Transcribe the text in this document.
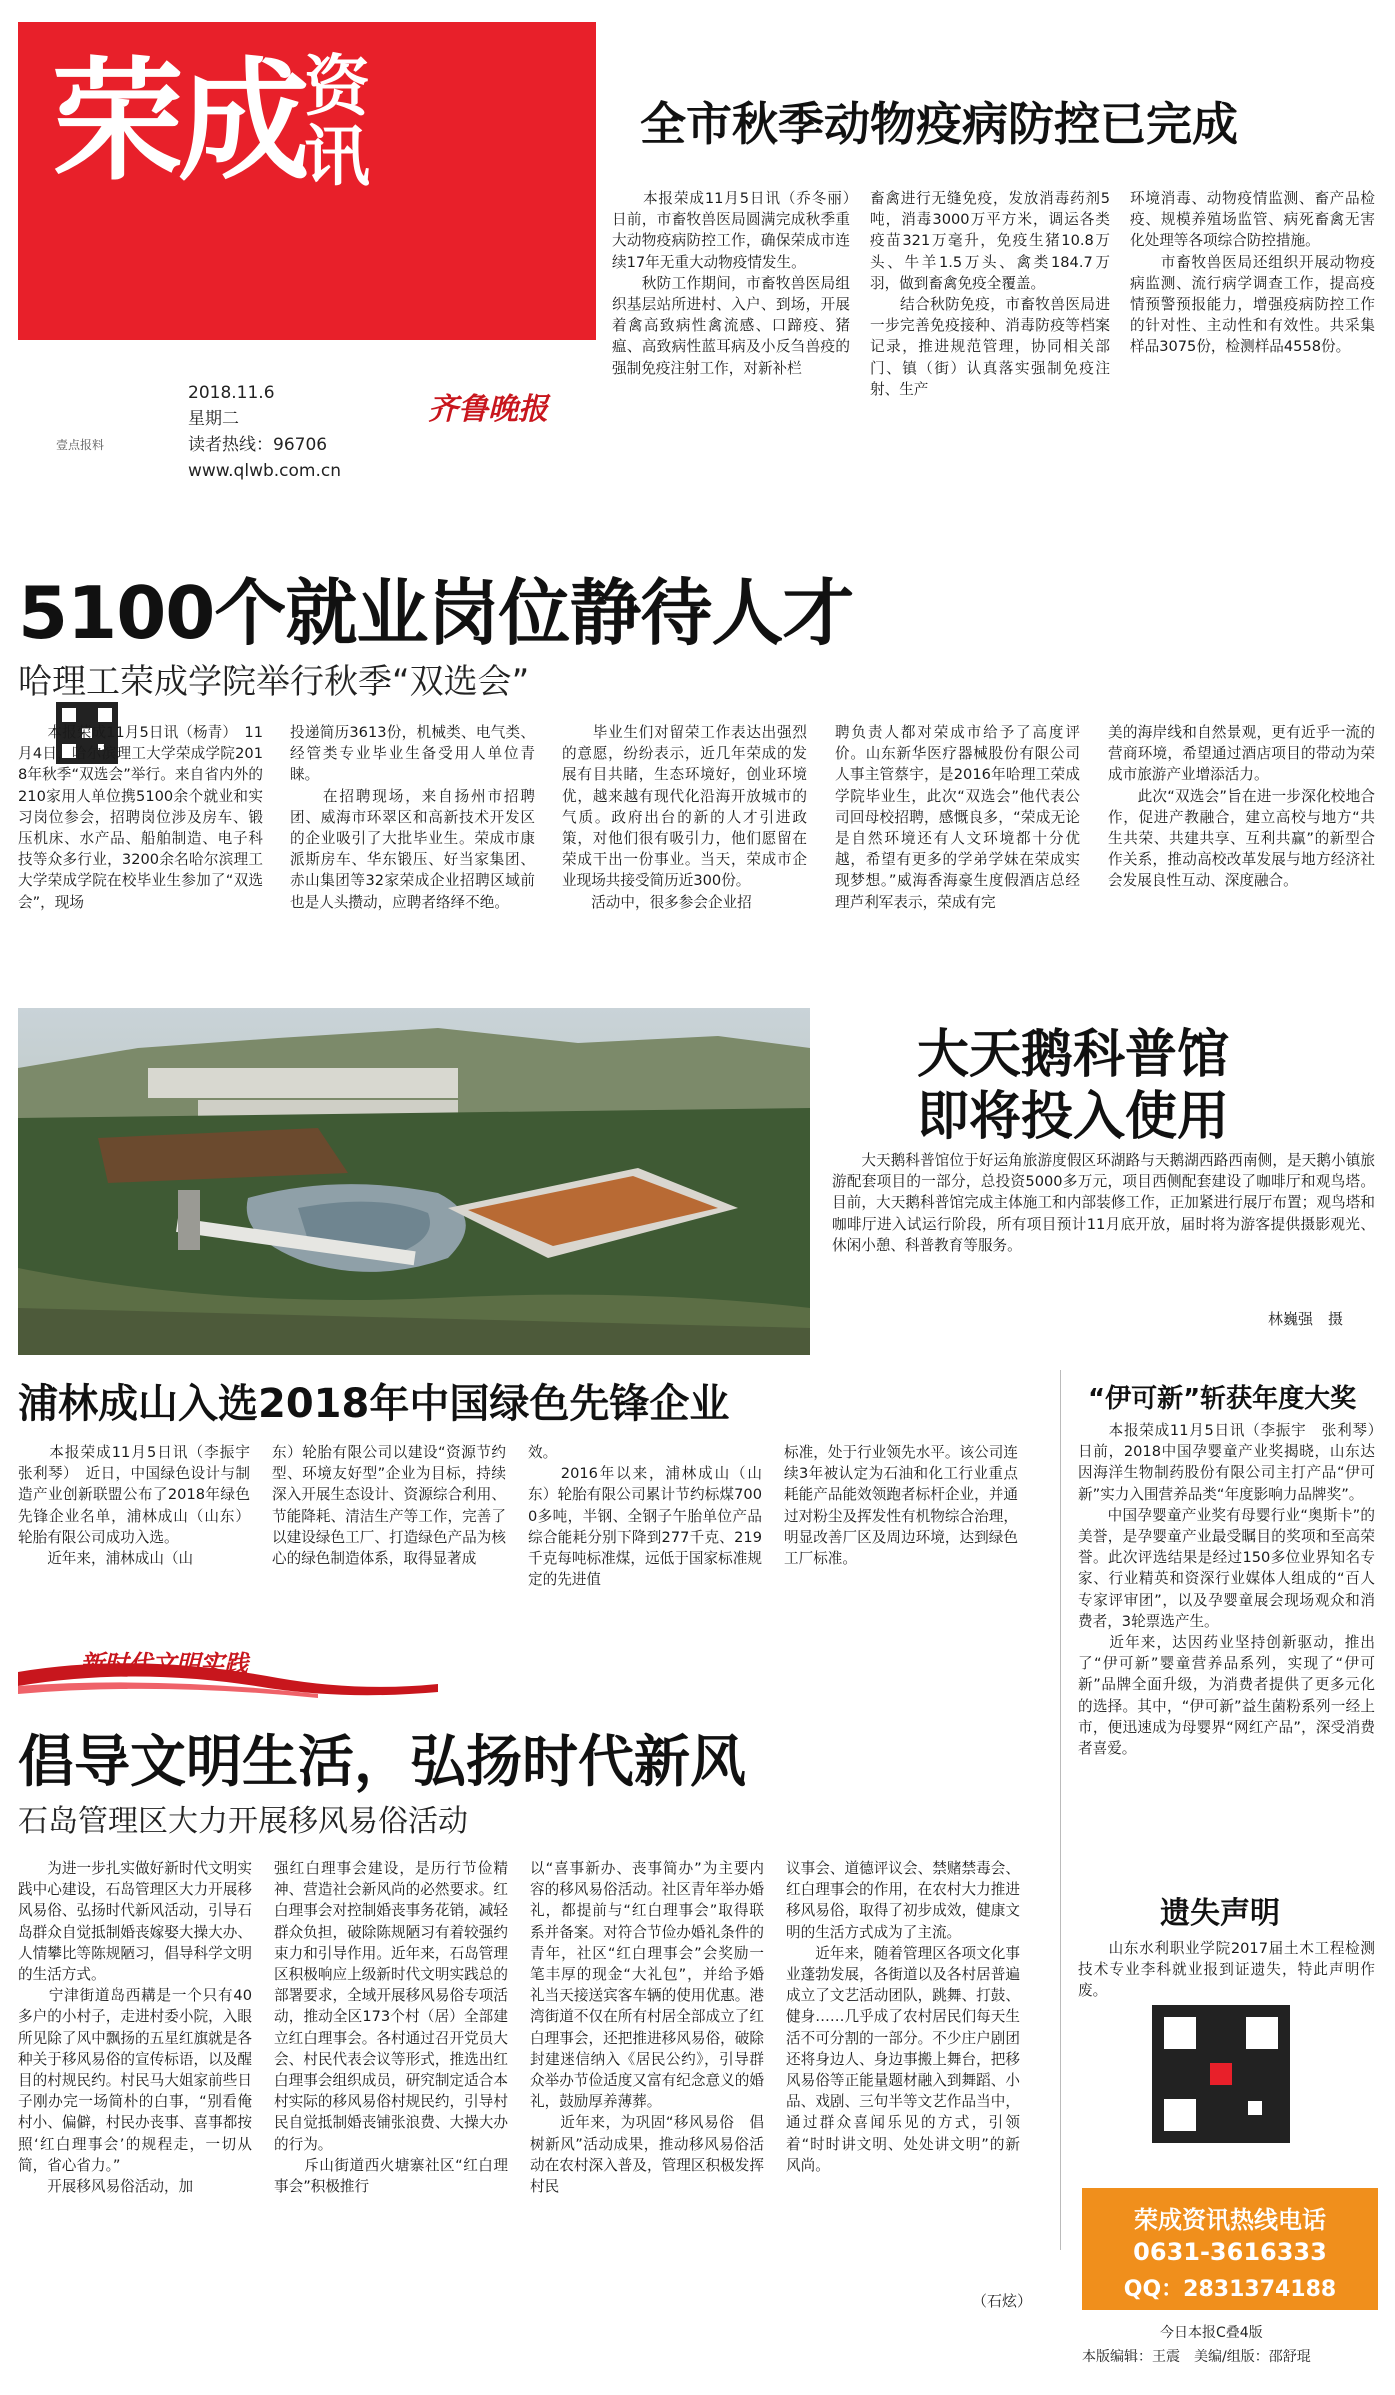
荣成资讯
壹点报料
2018.11.6
星期二
读者热线：96706
www.qlwb.com.cn
齐鲁晚报
全市秋季动物疫病防控已完成
　　本报荣成11月5日讯（乔冬丽）　日前，市畜牧兽医局圆满完成秋季重大动物疫病防控工作，确保荣成市连续17年无重大动物疫情发生。
　　秋防工作期间，市畜牧兽医局组织基层站所进村、入户、到场，开展着禽高致病性禽流感、口蹄疫、猪瘟、高致病性蓝耳病及小反刍兽疫的强制免疫注射工作，对新补栏
畜禽进行无缝免疫，发放消毒药剂5吨，消毒3000万平方米，调运各类疫苗321万毫升，免疫生猪10.8万头、牛羊1.5万头、禽类184.7万羽，做到畜禽免疫全覆盖。
　　结合秋防免疫，市畜牧兽医局进一步完善免疫接种、消毒防疫等档案记录，推进规范管理，协同相关部门、镇（街）认真落实强制免疫注射、生产
环境消毒、动物疫情监测、畜产品检疫、规模养殖场监管、病死畜禽无害化处理等各项综合防控措施。
　　市畜牧兽医局还组织开展动物疫病监测、流行病学调查工作，提高疫情预警预报能力，增强疫病防控工作的针对性、主动性和有效性。共采集样品3075份，检测样品4558份。
5100个就业岗位静待人才
哈理工荣成学院举行秋季“双选会”
　　本报荣成11月5日讯（杨青）　11月4日，哈尔滨理工大学荣成学院2018年秋季“双选会”举行。来自省内外的210家用人单位携5100余个就业和实习岗位参会，招聘岗位涉及房车、锻压机床、水产品、船舶制造、电子科技等众多行业，3200余名哈尔滨理工大学荣成学院在校毕业生参加了“双选会”，现场
投递简历3613份，机械类、电气类、经管类专业毕业生备受用人单位青睐。
　　在招聘现场，来自扬州市招聘团、威海市环翠区和高新技术开发区的企业吸引了大批毕业生。荣成市康派斯房车、华东锻压、好当家集团、赤山集团等32家荣成企业招聘区域前也是人头攒动，应聘者络绎不绝。
　　毕业生们对留荣工作表达出强烈的意愿，纷纷表示，近几年荣成的发展有目共睹，生态环境好，创业环境优，越来越有现代化沿海开放城市的气质。政府出台的新的人才引进政策，对他们很有吸引力，他们愿留在荣成干出一份事业。当天，荣成市企业现场共接受简历近300份。
　　活动中，很多参会企业招
聘负责人都对荣成市给予了高度评价。山东新华医疗器械股份有限公司人事主管蔡宇，是2016年哈理工荣成学院毕业生，此次“双选会”他代表公司回母校招聘，感慨良多，“荣成无论是自然环境还有人文环境都十分优越，希望有更多的学弟学妹在荣成实现梦想。”威海香海豪生度假酒店总经理芦利军表示，荣成有完
美的海岸线和自然景观，更有近乎一流的营商环境，希望通过酒店项目的带动为荣成市旅游产业增添活力。
　　此次“双选会”旨在进一步深化校地合作，促进产教融合，建立高校与地方“共生共荣、共建共享、互利共赢”的新型合作关系，推动高校改革发展与地方经济社会发展良性互动、深度融合。
大天鹅科普馆
即将投入使用
　　大天鹅科普馆位于好运角旅游度假区环湖路与天鹅湖西路西南侧，是天鹅小镇旅游配套项目的一部分，总投资5000多万元，项目西侧配套建设了咖啡厅和观鸟塔。目前，大天鹅科普馆完成主体施工和内部装修工作，正加紧进行展厅布置；观鸟塔和咖啡厅进入试运行阶段，所有项目预计11月底开放，届时将为游客提供摄影观光、休闲小憩、科普教育等服务。
林巍强　摄
浦林成山入选2018年中国绿色先锋企业
　　本报荣成11月5日讯（李振宇　张利琴）　近日，中国绿色设计与制造产业创新联盟公布了2018年绿色先锋企业名单，浦林成山（山东）轮胎有限公司成功入选。
　　近年来，浦林成山（山
东）轮胎有限公司以建设“资源节约型、环境友好型”企业为目标，持续深入开展生态设计、资源综合利用、节能降耗、清洁生产等工作，完善了以建设绿色工厂、打造绿色产品为核心的绿色制造体系，取得显著成
效。
　　2016年以来，浦林成山（山东）轮胎有限公司累计节约标煤7000多吨，半钢、全钢子午胎单位产品综合能耗分别下降到277千克、219千克每吨标准煤，远低于国家标准规定的先进值
标准，处于行业领先水平。该公司连续3年被认定为石油和化工行业重点耗能产品能效领跑者标杆企业，并通过对粉尘及挥发性有机物综合治理，明显改善厂区及周边环境，达到绿色工厂标准。
“伊可新”斩获年度大奖
　　本报荣成11月5日讯（李振宇　张利琴）　日前，2018中国孕婴童产业奖揭晓，山东达因海洋生物制药股份有限公司主打产品“伊可新”实力入围营养品类“年度影响力品牌奖”。
　　中国孕婴童产业奖有母婴行业“奥斯卡”的美誉，是孕婴童产业最受瞩目的奖项和至高荣誉。此次评选结果是经过150多位业界知名专家、行业精英和资深行业媒体人组成的“百人专家评审团”，以及孕婴童展会现场观众和消费者，3轮票选产生。
　　近年来，达因药业坚持创新驱动，推出了“伊可新”婴童营养品系列，实现了“伊可新”品牌全面升级，为消费者提供了更多元化的选择。其中，“伊可新”益生菌粉系列一经上市，便迅速成为母婴界“网红产品”，深受消费者喜爱。
遗失声明
　　山东水利职业学院2017届土木工程检测技术专业李科就业报到证遗失，特此声明作废。
新时代文明实践
倡导文明生活，弘扬时代新风
石岛管理区大力开展移风易俗活动
　　为进一步扎实做好新时代文明实践中心建设，石岛管理区大力开展移风易俗、弘扬时代新风活动，引导石岛群众自觉抵制婚丧嫁娶大操大办、人情攀比等陈规陋习，倡导科学文明的生活方式。
　　宁津街道岛西耩是一个只有40多户的小村子，走进村委小院，入眼所见除了风中飘扬的五星红旗就是各种关于移风易俗的宣传标语，以及醒目的村规民约。村民马大姐家前些日子刚办完一场简朴的白事，“别看俺村小、偏僻，村民办丧事、喜事都按照‘红白理事会’的规程走，一切从简，省心省力。”
　　开展移风易俗活动，加
强红白理事会建设，是历行节俭精神、营造社会新风尚的必然要求。红白理事会对控制婚丧事务花销，减轻群众负担，破除陈规陋习有着较强约束力和引导作用。近年来，石岛管理区积极响应上级新时代文明实践总的部署要求，全域开展移风易俗专项活动，推动全区173个村（居）全部建立红白理事会。各村通过召开党员大会、村民代表会议等形式，推选出红白理事会组织成员，研究制定适合本村实际的移风易俗村规民约，引导村民自觉抵制婚丧铺张浪费、大操大办的行为。
　　斥山街道西火塘寨社区“红白理事会”积极推行
以“喜事新办、丧事简办”为主要内容的移风易俗活动。社区青年举办婚礼，都提前与“红白理事会”取得联系并备案。对符合节俭办婚礼条件的青年，社区“红白理事会”会奖励一笔丰厚的现金“大礼包”，并给予婚礼当天接送宾客车辆的使用优惠。港湾街道不仅在所有村居全部成立了红白理事会，还把推进移风易俗，破除封建迷信纳入《居民公约》，引导群众举办节俭适度又富有纪念意义的婚礼，鼓励厚养薄葬。
　　近年来，为巩固“移风易俗　倡树新风”活动成果，推动移风易俗活动在农村深入普及，管理区积极发挥村民
议事会、道德评议会、禁赌禁毒会、红白理事会的作用，在农村大力推进移风易俗，取得了初步成效，健康文明的生活方式成为了主流。
　　近年来，随着管理区各项文化事业蓬勃发展，各街道以及各村居普遍成立了文艺活动团队，跳舞、打鼓、健身……几乎成了农村居民们每天生活不可分割的一部分。不少庄户剧团还将身边人、身边事搬上舞台，把移风易俗等正能量题材融入到舞蹈、小品、戏剧、三句半等文艺作品当中，通过群众喜闻乐见的方式，引领着“时时讲文明、处处讲文明”的新风尚。
（石炫）
荣成资讯热线电话
0631-3616333
QQ：2831374188
今日本报C叠4版
本版编辑：王震　美编/组版：邵舒琨
